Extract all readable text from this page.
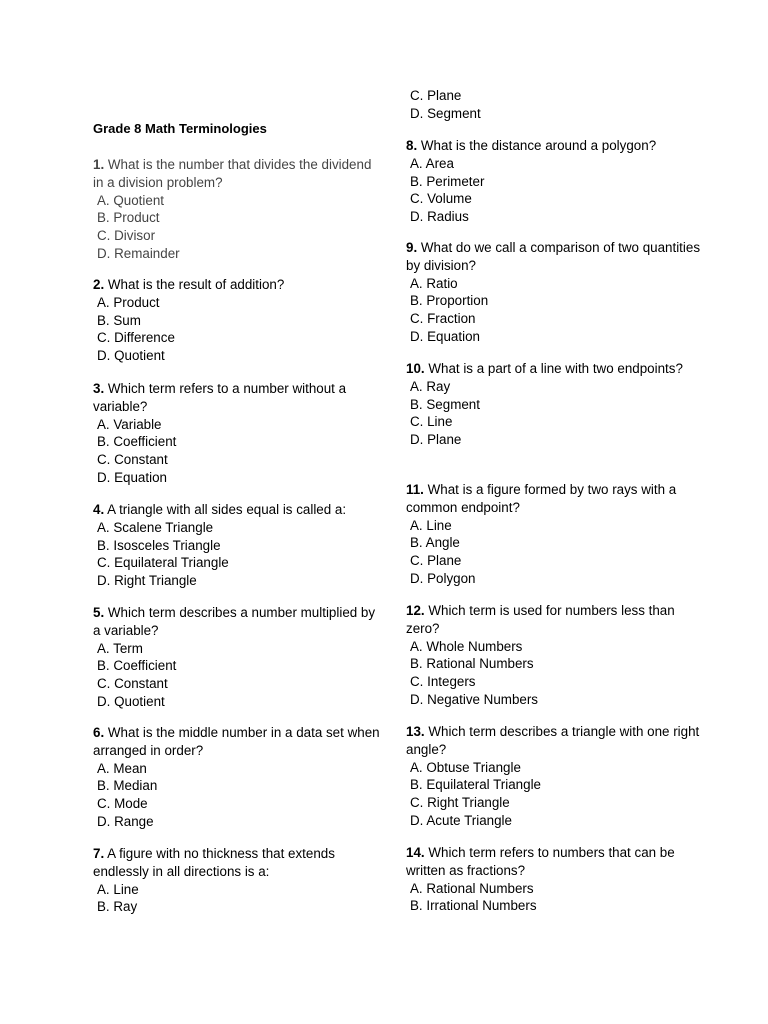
Grade 8 Math Terminologies

1. What is the number that divides the dividend in a division problem?

A. Quotient
B. Product
C. Divisor
D. Remainder

2. What is the result of addition?

A. Product
B. Sum
C. Difference
D. Quotient

3. Which term refers to a number without a variable?

A. Variable
B. Coefficient
C. Constant
D. Equation

4. A triangle with all sides equal is called a:

A. Scalene Triangle
B. Isosceles Triangle
C. Equilateral Triangle
D. Right Triangle

5. Which term describes a number multiplied by a variable?

A. Term
B. Coefficient
C. Constant
D. Quotient

6. What is the middle number in a data set when arranged in order?

A. Mean
B. Median
C. Mode
D. Range

7. A figure with no thickness that extends endlessly in all directions is a:

A. Line
B. Ray
C. Plane
D. Segment

8. What is the distance around a polygon?

A. Area
B. Perimeter
C. Volume
D. Radius

9. What do we call a comparison of two quantities by division?

A. Ratio
B. Proportion
C. Fraction
D. Equation

10. What is a part of a line with two endpoints?

A. Ray
B. Segment
C. Line
D. Plane

11. What is a figure formed by two rays with a common endpoint?

A. Line
B. Angle
C. Plane
D. Polygon

12. Which term is used for numbers less than zero?

A. Whole Numbers
B. Rational Numbers
C. Integers
D. Negative Numbers

13. Which term describes a triangle with one right angle?

A. Obtuse Triangle
B. Equilateral Triangle
C. Right Triangle
D. Acute Triangle

14. Which term refers to numbers that can be written as fractions?

A. Rational Numbers
B. Irrational Numbers
